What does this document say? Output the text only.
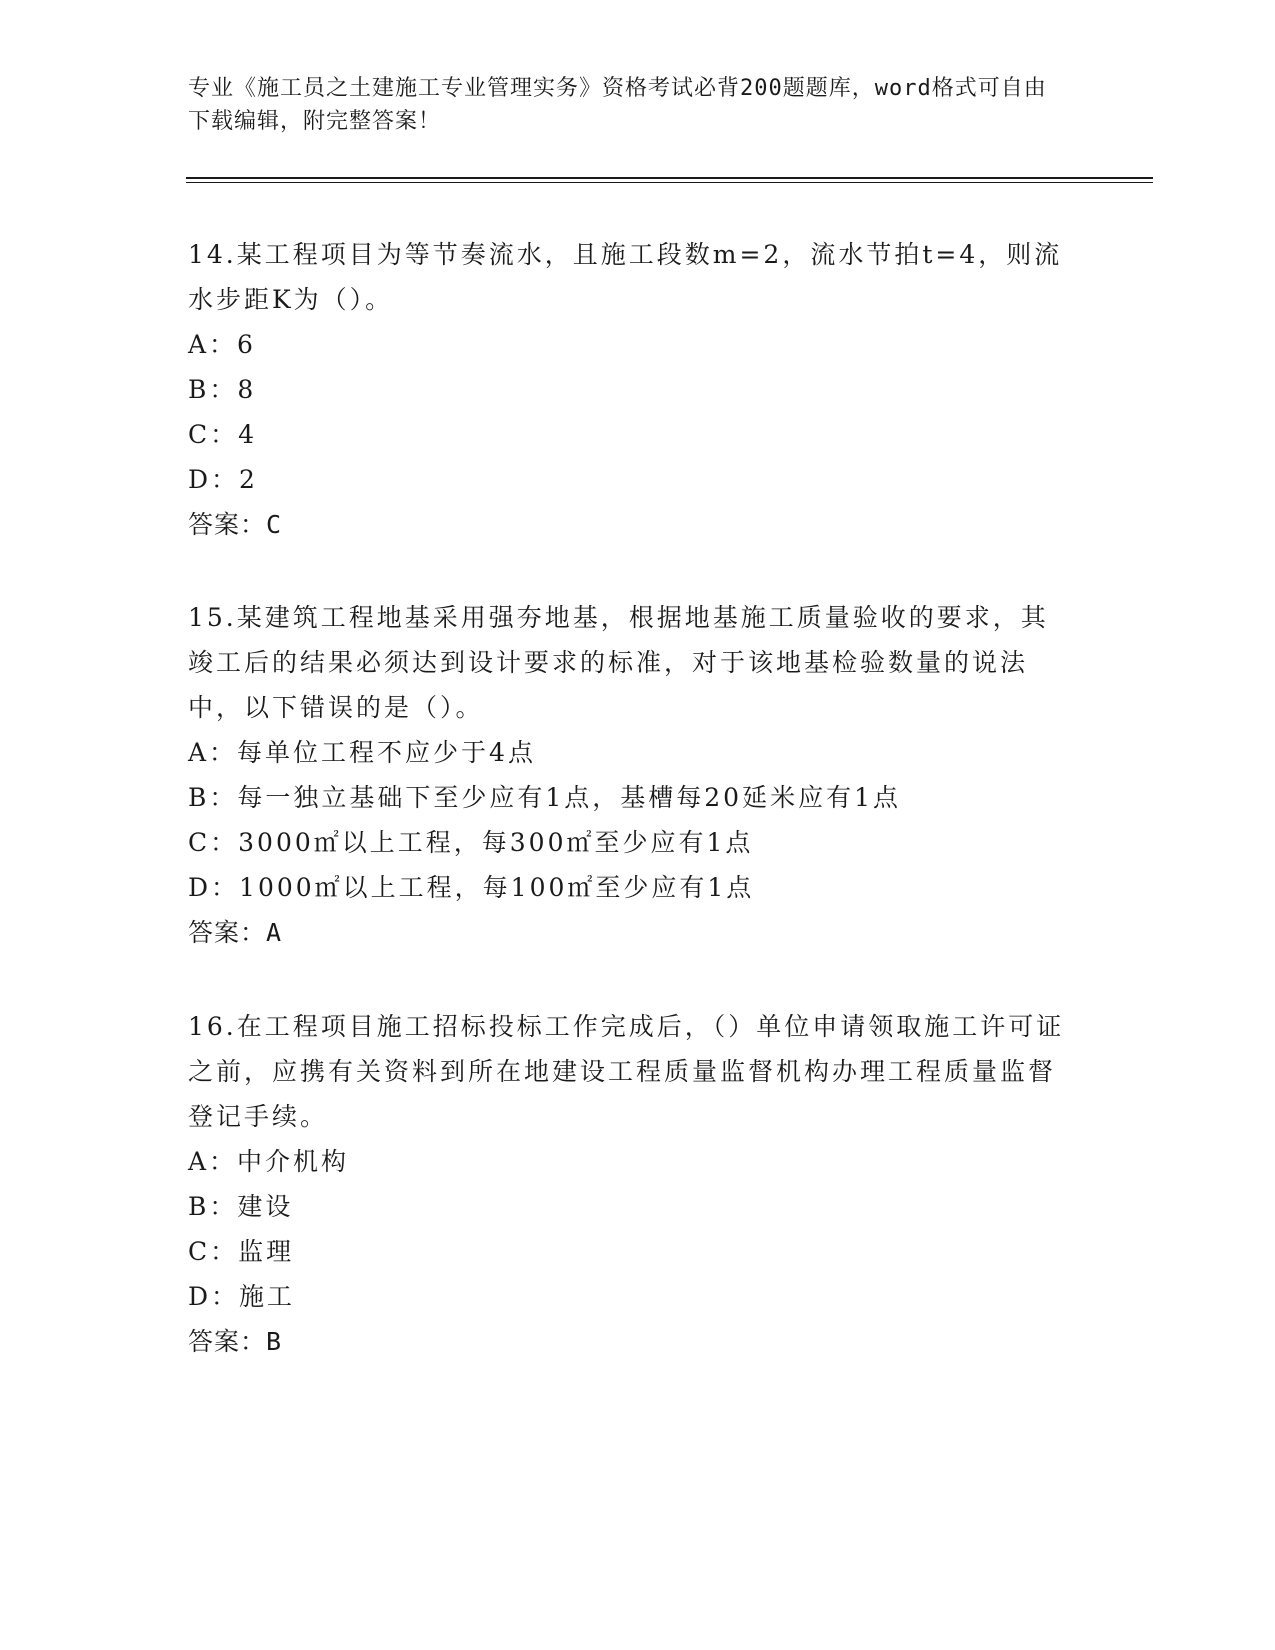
专业《施工员之土建施工专业管理实务》资格考试必背200题题库，word格式可自由下载编辑，附完整答案！

14.某工程项目为等节奏流水，且施工段数m=2，流水节拍t=4，则流水步距K为（）。

A：6

B：8

C：4

D：2

答案：C

15.某建筑工程地基采用强夯地基，根据地基施工质量验收的要求，其竣工后的结果必须达到设计要求的标准，对于该地基检验数量的说法中，以下错误的是（）。

A：每单位工程不应少于4点

B：每一独立基础下至少应有1点，基槽每20延米应有1点

C：3000㎡以上工程，每300㎡至少应有1点

D：1000㎡以上工程，每100㎡至少应有1点

答案：A

16.在工程项目施工招标投标工作完成后，（）单位申请领取施工许可证之前，应携有关资料到所在地建设工程质量监督机构办理工程质量监督登记手续。

A：中介机构

B：建设

C：监理

D：施工

答案：B
